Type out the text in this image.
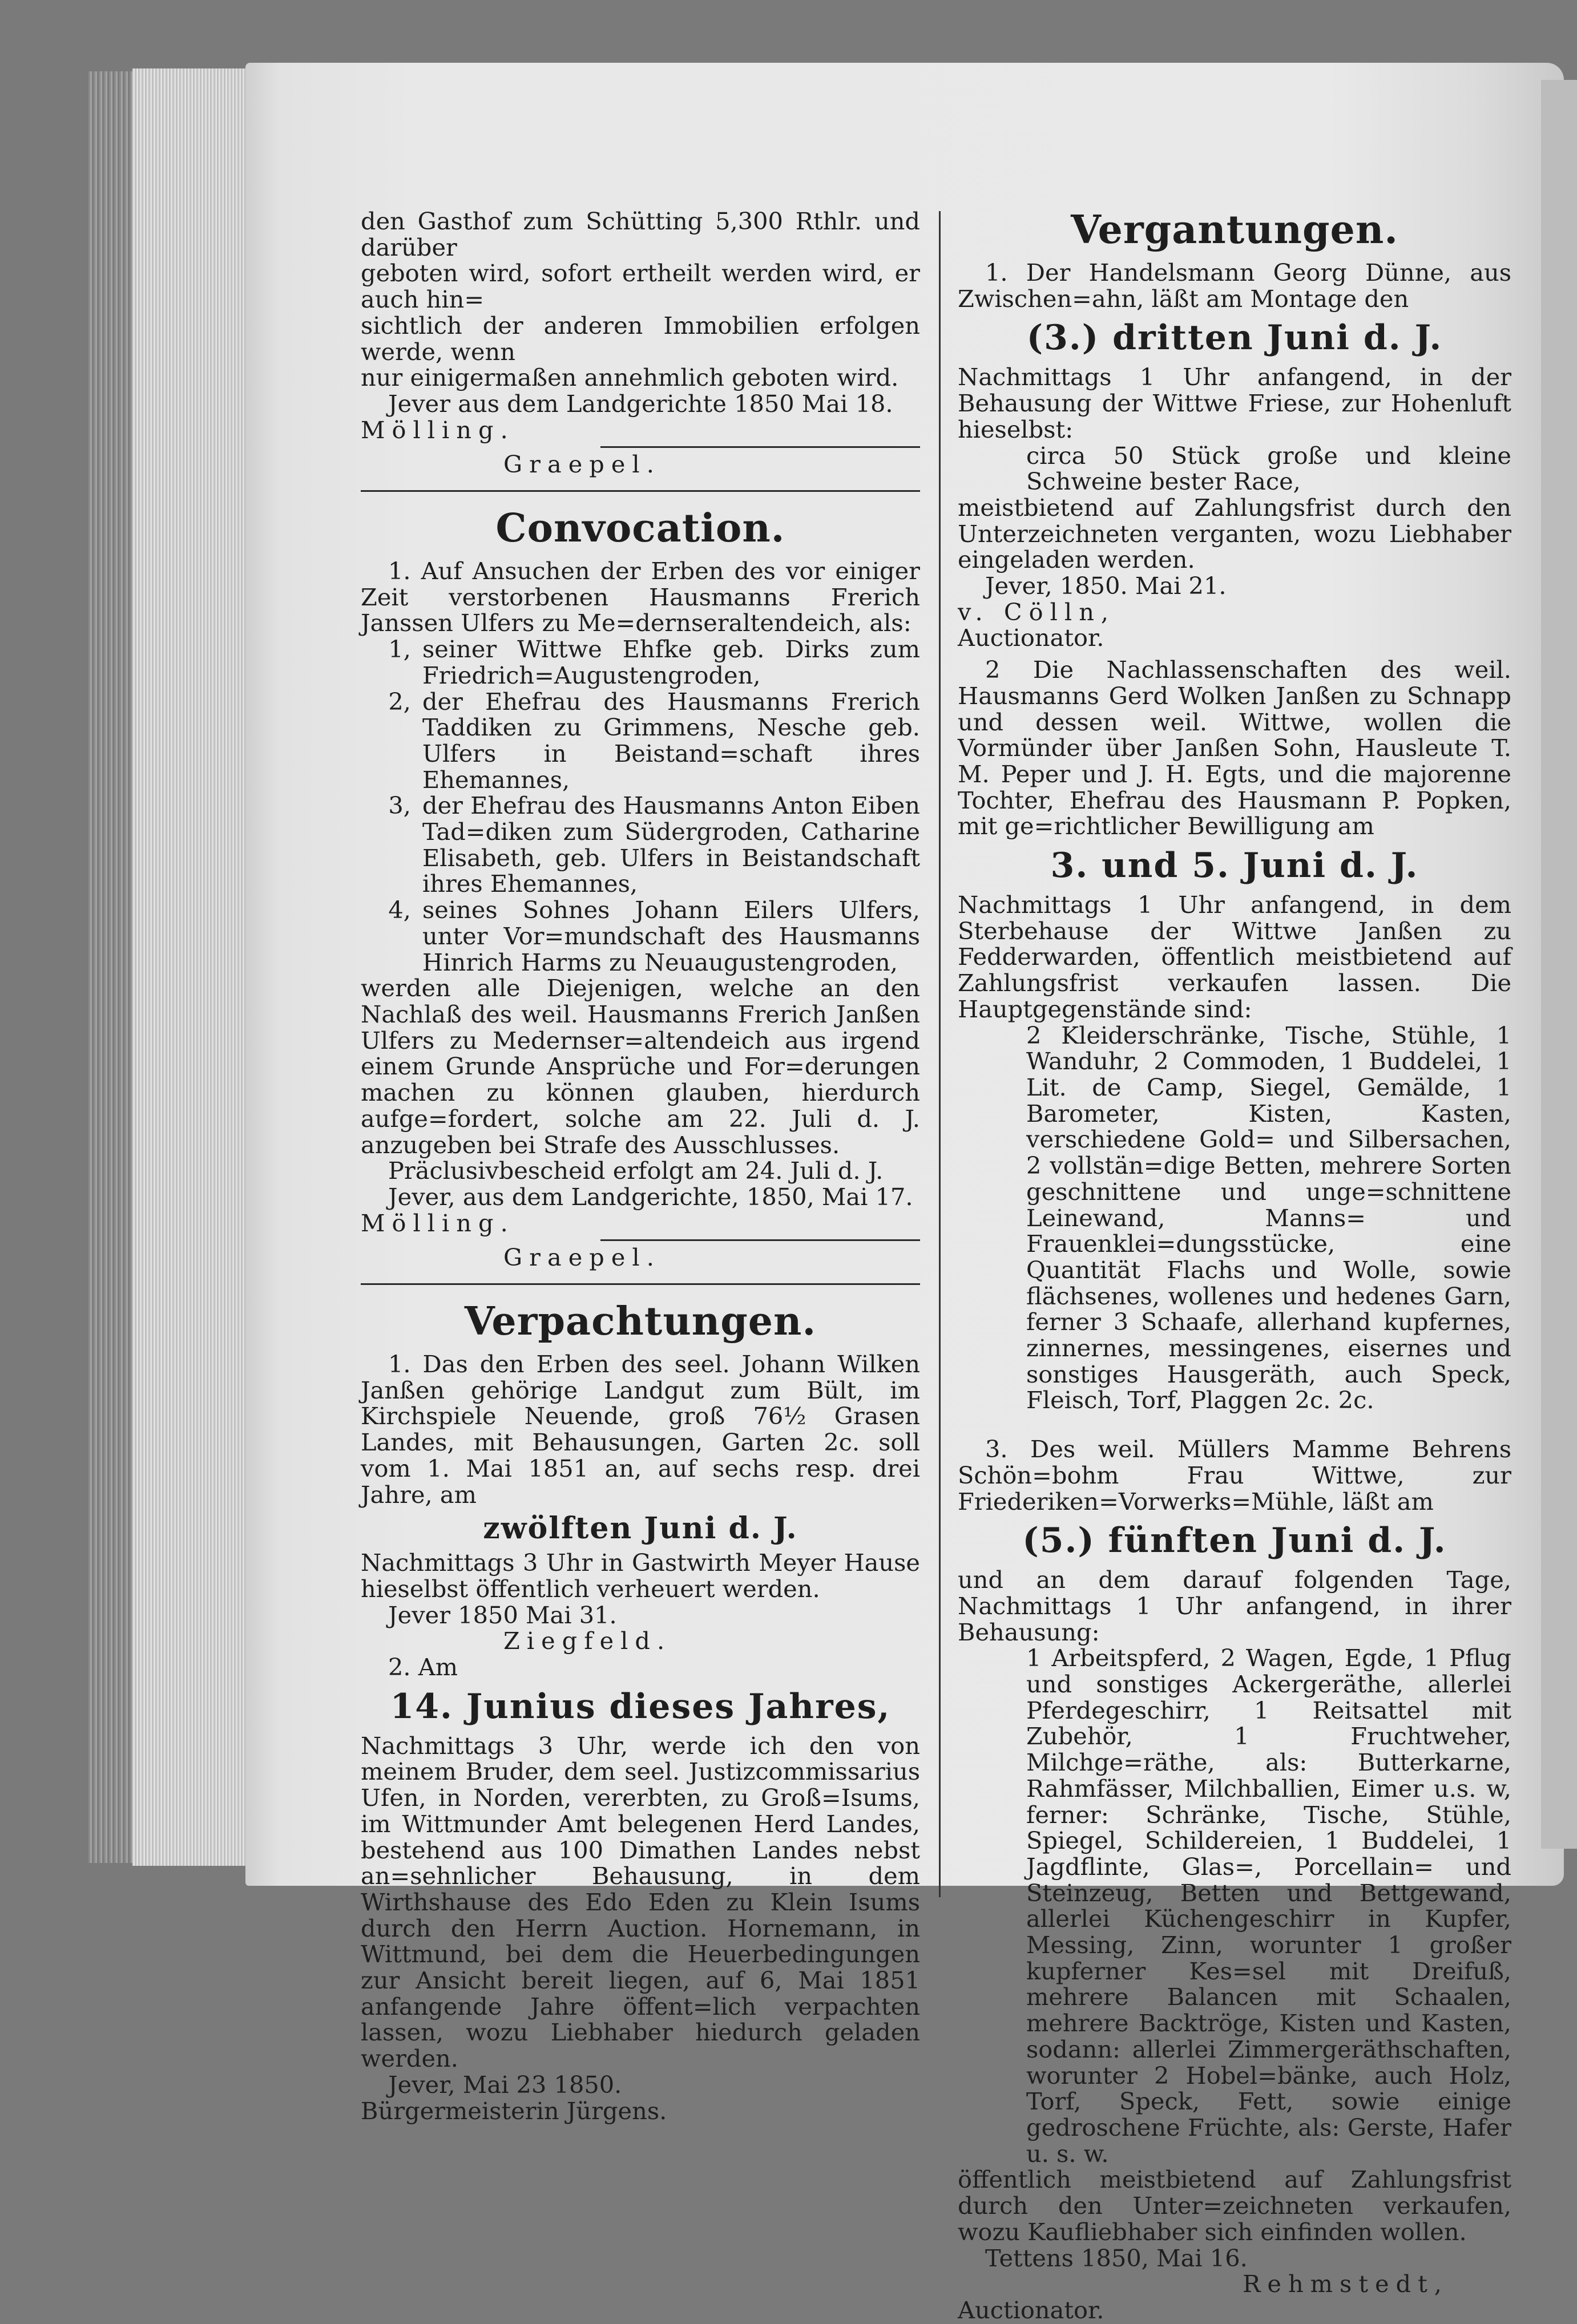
den Gasthof zum Schütting 5,300 Rthlr. und darüber

geboten wird, sofort ertheilt werden wird, er auch hin=

sichtlich der anderen Immobilien erfolgen werde, wenn

nur einigermaßen annehmlich geboten wird.

Jever aus dem Landgerichte 1850 Mai 18.

Mölling.

Graepel.

Convocation.

1. Auf Ansuchen der Erben des vor einiger Zeit verstorbenen Hausmanns Frerich Janssen Ulfers zu Me=dernseraltendeich, als:

1, seiner Wittwe Ehfke geb. Dirks zum Friedrich=Augustengroden,
2, der Ehefrau des Hausmanns Frerich Taddiken zu Grimmens, Nesche geb. Ulfers in Beistand=schaft ihres Ehemannes,
3, der Ehefrau des Hausmanns Anton Eiben Tad=diken zum Südergroden, Catharine Elisabeth, geb. Ulfers in Beistandschaft ihres Ehemannes,
4, seines Sohnes Johann Eilers Ulfers, unter Vor=mundschaft des Hausmanns Hinrich Harms zu Neuaugustengroden,

werden alle Diejenigen, welche an den Nachlaß des weil. Hausmanns Frerich Janßen Ulfers zu Medernser=altendeich aus irgend einem Grunde Ansprüche und For=derungen machen zu können glauben, hierdurch aufge=fordert, solche am 22. Juli d. J. anzugeben bei Strafe des Ausschlusses.

Präclusivbescheid erfolgt am 24. Juli d. J.

Jever, aus dem Landgerichte, 1850, Mai 17.

Mölling.

Graepel.

Verpachtungen.

1. Das den Erben des seel. Johann Wilken Janßen gehörige Landgut zum Bült, im Kirchspiele Neuende, groß 76½ Grasen Landes, mit Behausungen, Garten 2c. soll vom 1. Mai 1851 an, auf sechs resp. drei Jahre, am

zwölften Juni d. J.

Nachmittags 3 Uhr in Gastwirth Meyer Hause hieselbst öffentlich verheuert werden.

Jever 1850 Mai 31.

Ziegfeld.

2. Am

14. Junius dieses Jahres,

Nachmittags 3 Uhr, werde ich den von meinem Bruder, dem seel. Justizcommissarius Ufen, in Norden, vererbten, zu Groß=Isums, im Wittmunder Amt belegenen Herd Landes, bestehend aus 100 Dimathen Landes nebst an=sehnlicher Behausung, in dem Wirthshause des Edo Eden zu Klein Isums durch den Herrn Auction. Hornemann, in Wittmund, bei dem die Heuerbedingungen zur Ansicht bereit liegen, auf 6, Mai 1851 anfangende Jahre öffent=lich verpachten lassen, wozu Liebhaber hiedurch geladen werden.

Jever, Mai 23 1850.

Bürgermeisterin Jürgens.

Vergantungen.

1. Der Handelsmann Georg Dünne, aus Zwischen=ahn, läßt am Montage den

(3.) dritten Juni d. J.

Nachmittags 1 Uhr anfangend, in der Behausung der Wittwe Friese, zur Hohenluft hieselbst:

circa 50 Stück große und kleine Schweine bester Race,

meistbietend auf Zahlungsfrist durch den Unterzeichneten verganten, wozu Liebhaber eingeladen werden.

Jever, 1850. Mai 21.

v. Cölln,

Auctionator.

2 Die Nachlassenschaften des weil. Hausmanns Gerd Wolken Janßen zu Schnapp und dessen weil. Wittwe, wollen die Vormünder über Janßen Sohn, Hausleute T. M. Peper und J. H. Egts, und die majorenne Tochter, Ehefrau des Hausmann P. Popken, mit ge=richtlicher Bewilligung am

3. und 5. Juni d. J.

Nachmittags 1 Uhr anfangend, in dem Sterbehause der Wittwe Janßen zu Fedderwarden, öffentlich meistbietend auf Zahlungsfrist verkaufen lassen. Die Hauptgegenstände sind:

2 Kleiderschränke, Tische, Stühle, 1 Wanduhr, 2 Commoden, 1 Buddelei, 1 Lit. de Camp, Siegel, Gemälde, 1 Barometer, Kisten, Kasten, verschiedene Gold= und Silbersachen, 2 vollstän=dige Betten, mehrere Sorten geschnittene und unge=schnittene Leinewand, Manns= und Frauenklei=dungsstücke, eine Quantität Flachs und Wolle, sowie flächsenes, wollenes und hedenes Garn, ferner 3 Schaafe, allerhand kupfernes, zinnernes, messingenes, eisernes und sonstiges Hausgeräth, auch Speck, Fleisch, Torf, Plaggen 2c. 2c.

3. Des weil. Müllers Mamme Behrens Schön=bohm Frau Wittwe, zur Friederiken=Vorwerks=Mühle, läßt am

(5.) fünften Juni d. J.

und an dem darauf folgenden Tage, Nachmittags 1 Uhr anfangend, in ihrer Behausung:

1 Arbeitspferd, 2 Wagen, Egde, 1 Pflug und sonstiges Ackergeräthe, allerlei Pferdegeschirr, 1 Reitsattel mit Zubehör, 1 Fruchtweher, Milchge=räthe, als: Butterkarne, Rahmfässer, Milchballien, Eimer u.s. w, ferner: Schränke, Tische, Stühle, Spiegel, Schildereien, 1 Buddelei, 1 Jagdflinte, Glas=, Porcellain= und Steinzeug, Betten und Bettgewand, allerlei Küchengeschirr in Kupfer, Messing, Zinn, worunter 1 großer kupferner Kes=sel mit Dreifuß, mehrere Balancen mit Schaalen, mehrere Backtröge, Kisten und Kasten, sodann: allerlei Zimmergeräthschaften, worunter 2 Hobel=bänke, auch Holz, Torf, Speck, Fett, sowie einige gedroschene Früchte, als: Gerste, Hafer u. s. w.

öffentlich meistbietend auf Zahlungsfrist durch den Unter=zeichneten verkaufen, wozu Kaufliebhaber sich einfinden wollen.

Tettens 1850, Mai 16.

Rehmstedt,

Auctionator.
